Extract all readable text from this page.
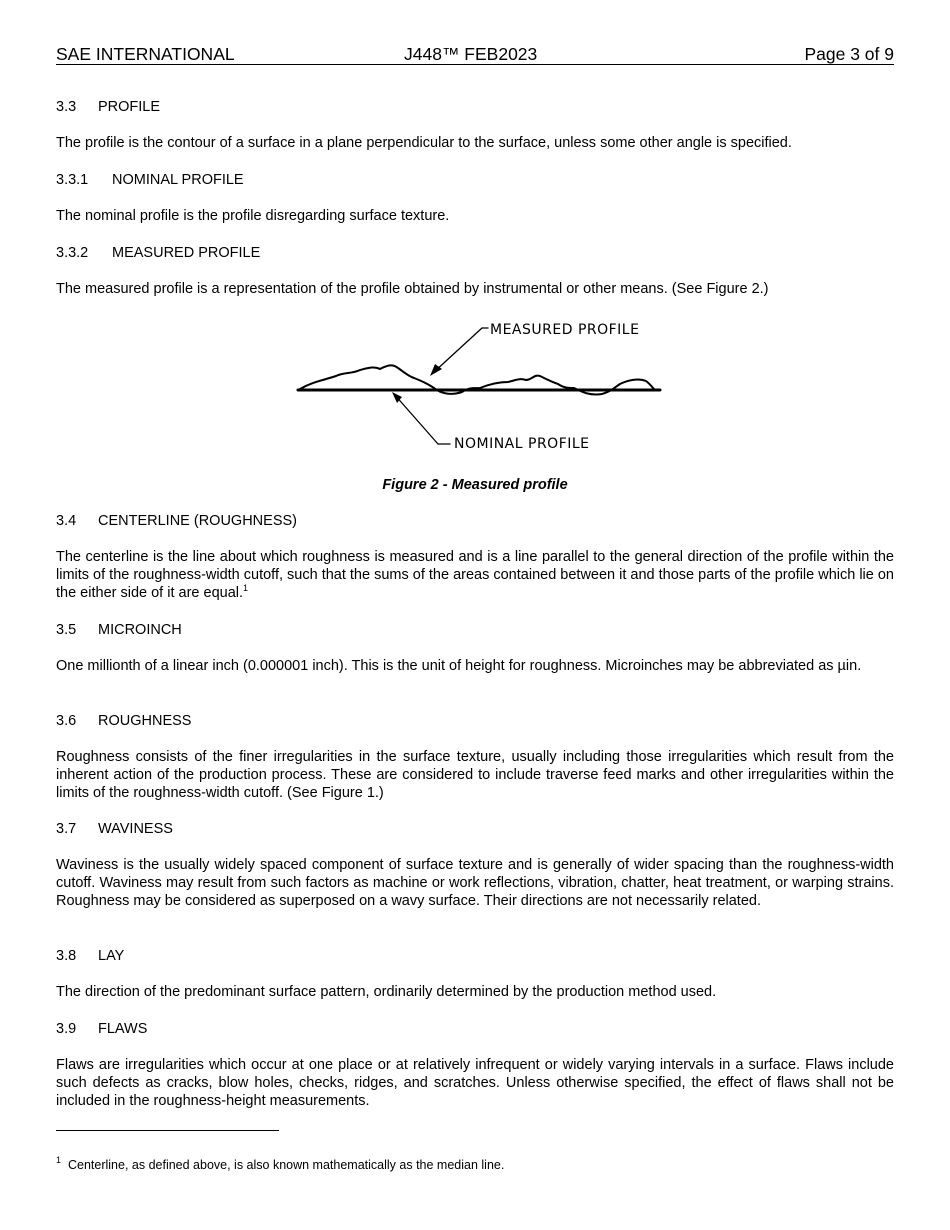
SAE INTERNATIONAL	J448™ FEB2023	Page 3 of 9
3.3 PROFILE
The profile is the contour of a surface in a plane perpendicular to the surface, unless some other angle is specified.
3.3.1 NOMINAL PROFILE
The nominal profile is the profile disregarding surface texture.
3.3.2 MEASURED PROFILE
The measured profile is a representation of the profile obtained by instrumental or other means. (See Figure 2.)
MEASURED PROFILE
NOMINAL PROFILE
Figure 2 - Measured profile
3.4 CENTERLINE (ROUGHNESS)
The centerline is the line about which roughness is measured and is a line parallel to the general direction of the profile within the limits of the roughness-width cutoff, such that the sums of the areas contained between it and those parts of the profile which lie on the either side of it are equal.$^1$
3.5 MICROINCH
One millionth of a linear inch (0.000001 inch). This is the unit of height for roughness. Microinches may be abbreviated as µin.
3.6 ROUGHNESS
Roughness consists of the finer irregularities in the surface texture, usually including those irregularities which result from the inherent action of the production process. These are considered to include traverse feed marks and other irregularities within the limits of the roughness-width cutoff. (See Figure 1.)
3.7 WAVINESS
Waviness is the usually widely spaced component of surface texture and is generally of wider spacing than the roughness-width cutoff. Waviness may result from such factors as machine or work reflections, vibration, chatter, heat treatment, or warping strains. Roughness may be considered as superposed on a wavy surface. Their directions are not necessarily related.
3.8 LAY
The direction of the predominant surface pattern, ordinarily determined by the production method used.
3.9 FLAWS
Flaws are irregularities which occur at one place or at relatively infrequent or widely varying intervals in a surface. Flaws include such defects as cracks, blow holes, checks, ridges, and scratches. Unless otherwise specified, the effect of flaws shall not be included in the roughness-height measurements.
$^1$ Centerline, as defined above, is also known mathematically as the median line.
